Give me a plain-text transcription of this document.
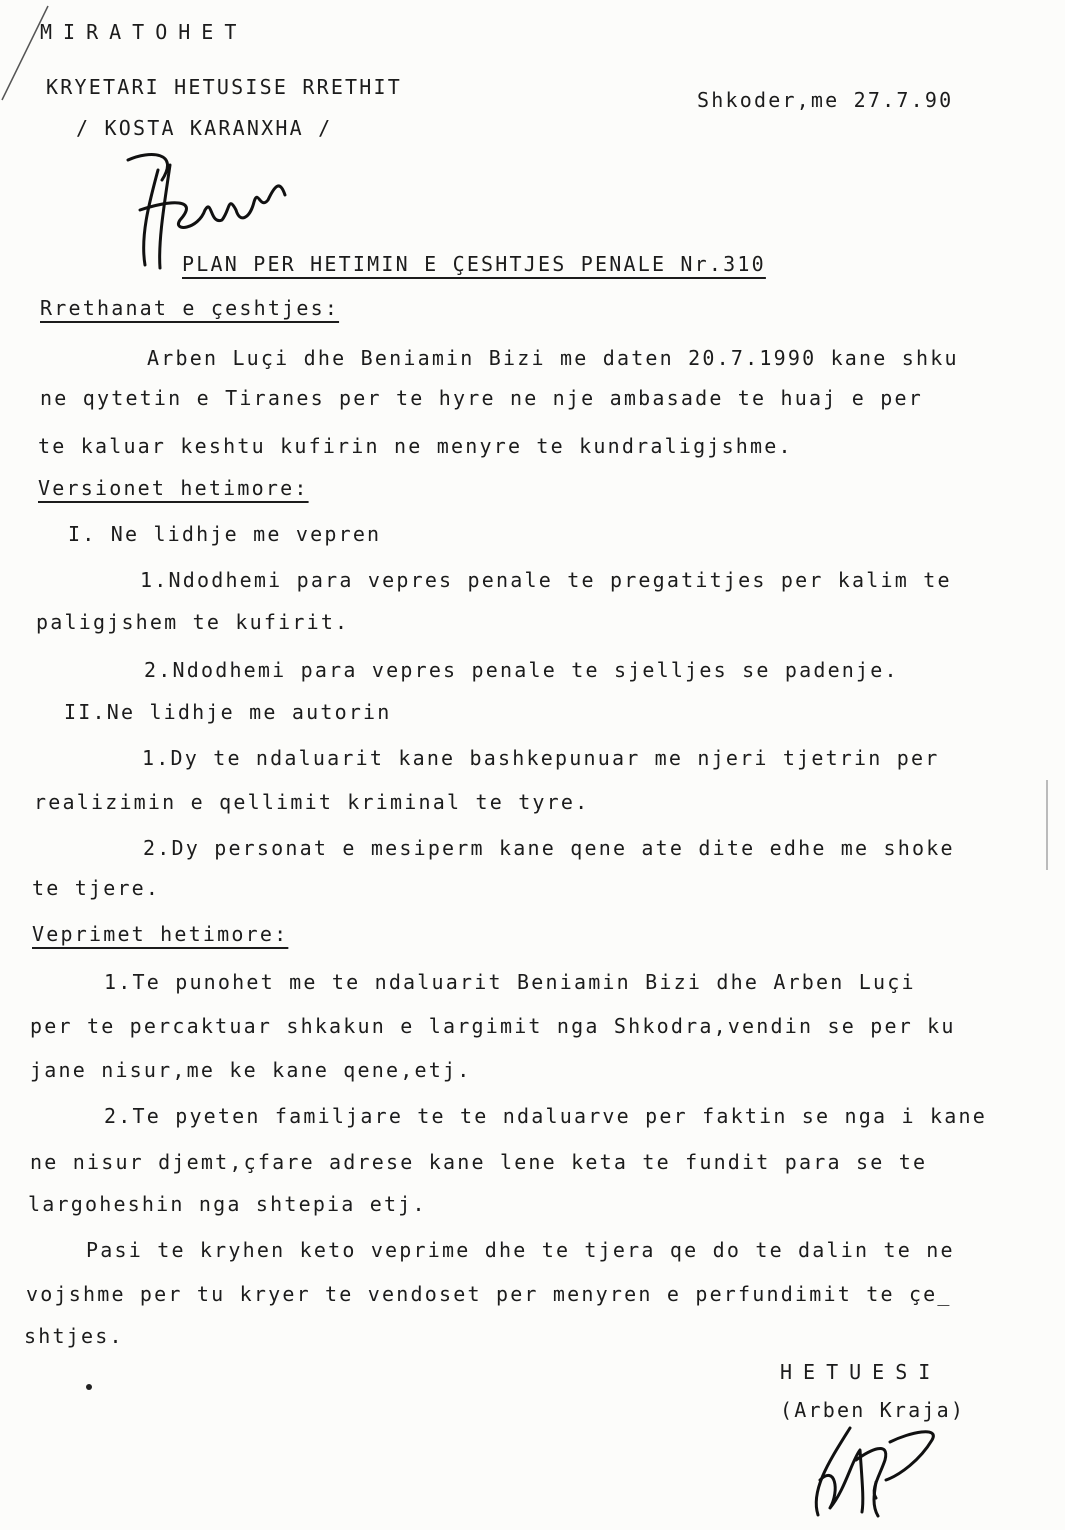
MIRATOHET
KRYETARI HETUSISE RRETHIT
/ KOSTA KARANXHA /
Shkoder,me 27.7.90
PLAN PER HETIMIN E ÇESHTJES PENALE Nr.310
Rrethanat e çeshtjes:
Arben Luçi dhe Beniamin Bizi me daten 20.7.1990 kane shku
ne qytetin e Tiranes per te hyre ne nje ambasade te huaj e per
te kaluar keshtu kufirin ne menyre te kundraligjshme.
Versionet hetimore:
I. Ne lidhje me vepren
1.Ndodhemi para vepres penale te pregatitjes per kalim te
paligjshem te kufirit.
2.Ndodhemi para vepres penale te sjelljes se padenje.
II.Ne lidhje me autorin
1.Dy te ndaluarit kane bashkepunuar me njeri tjetrin per
realizimin e qellimit kriminal te tyre.
2.Dy personat e mesiperm kane qene ate dite edhe me shoke
te tjere.
Veprimet hetimore:
1.Te punohet me te ndaluarit Beniamin Bizi dhe Arben Luçi
per te percaktuar shkakun e largimit nga Shkodra,vendin se per ku
jane nisur,me ke kane qene,etj.
2.Te pyeten familjare te te ndaluarve per faktin se nga i kane
ne nisur djemt,çfare adrese kane lene keta te fundit para se te
largoheshin nga shtepia etj.
Pasi te kryhen keto veprime dhe te tjera qe do te dalin te ne
vojshme per tu kryer te vendoset per menyren e perfundimit te çe_
shtjes.
HETUESI
(Arben Kraja)
